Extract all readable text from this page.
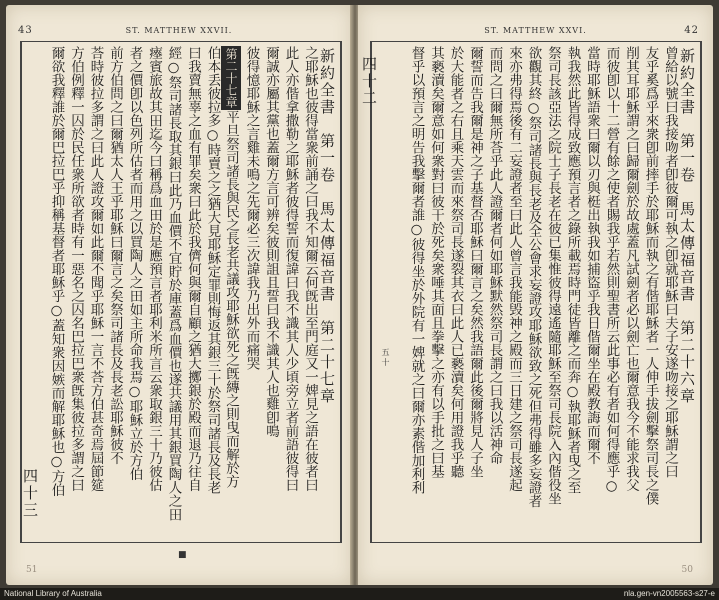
43	ST. MATTHEW XXVII.
新約全書　第一卷　馬太傳福音書　第二十七章
之耶穌也彼得當衆前誦之曰我不知爾云何旣出至門庭又一婢見之語在彼者曰
此人亦偕拿撒勒之耶穌者彼得誓而復諱曰我不識其人少頃旁立者前語彼得曰
爾誠亦屬其黨也蓋爾方言可辨矣彼則詛且誓曰我不識其人也雞卽鳴
彼得憶耶穌之言雞未鳴之先爾必三次諱我乃出外而痛哭
第二十七章平旦祭司諸長與民之長老共議攻耶穌欲死之旣縳之則曳而解於方
伯本丢彼拉多○時賣之之猶大見耶穌定罪則悔返其銀三十於祭司諸長及長老
曰我賣無辜之血有罪矣衆曰此於我儕何與爾自顧之猶大擲銀於殿而退乃往自
經○祭司諸長取其銀曰此乃血價不宜貯於庫蓋爲血價也遂共議用其銀買陶人之田
瘞賓旅故其田迄今曰稱爲血田於是應預言者耶利米所言云衆取銀三十乃彼估
者之價卽以色列所估者而用之以買陶人之田如主所命我焉○耶穌立於方伯
前方伯問之曰爾猶太人王乎耶穌曰爾言之矣祭司諸長及長老訟耶穌彼不
荅時彼拉多謂之曰此人證攻爾如此爾不聞乎耶穌一言不荅方伯甚奇焉屆節筵
方伯例釋一囚於民任衆所欲者時有一惡名之囚名巴拉巴衆旣集彼拉多謂之曰
爾欲我釋誰於爾巴拉巴乎抑稱基督者耶穌乎○蓋知衆因嫉而解耶穌也○方伯
四十三
■
51
ST. MATTHEW XXVI.	42
新約全書　第一卷　馬太傳福音書　第二十六章
曾給以號曰我接吻者卽彼爾可執之卽就耶穌曰夫子安遂吻接之耶穌謂之曰
友乎奚爲乎來衆卽前摔手於耶穌而執之有偕耶穌者一人伸手拔劍擊祭司長之僕
削其耳耶穌謂之曰歸爾劍於故處蓋凡試劍者必以劍亡也爾意我今不能求我父
而彼卽以十二營有餘之使者賜我乎若然則聖書所云此事必有者如何得應乎○
當時耶穌語衆曰爾以刃與梃出執我如捕盜乎我日偕爾坐在殿教誨而爾不
執我然此皆得成致應預言者之錄所載焉時門徒皆離之而奔○執耶穌者曳之至
祭司長該亞法之院士子長老在彼已集惟彼得遠遙隨耶穌至祭司長院入內偕役坐
欲觀其終○祭司諸長與長老及全公會求妄證攻耶穌欲致之死但弗得雖多妄證者
來亦弗得焉後有二妄證者至曰此人曾言我能毁神之殿而三日建之祭司長遂起
而問之曰爾無所荅乎此人證爾者何如耶穌默然祭司長謂之曰我以活神命
爾誓而告我爾是神之子基督否耶穌曰爾言之矣然我語爾此後爾將見人子坐
於大能者之右且乘天雲而來祭司長遂裂其衣曰此人已褻瀆矣何用證我乎聽
其褻瀆矣爾意如何衆對曰彼干於死矣衆唾其面且拳擊之亦有以手批之曰基
督乎以預言之明告我擊爾者誰○彼得坐於外院有一婢就之曰爾亦素偕加利利
五十
四十二
50
National Library of Australia	nla.gen-vn2005563-s27-e
